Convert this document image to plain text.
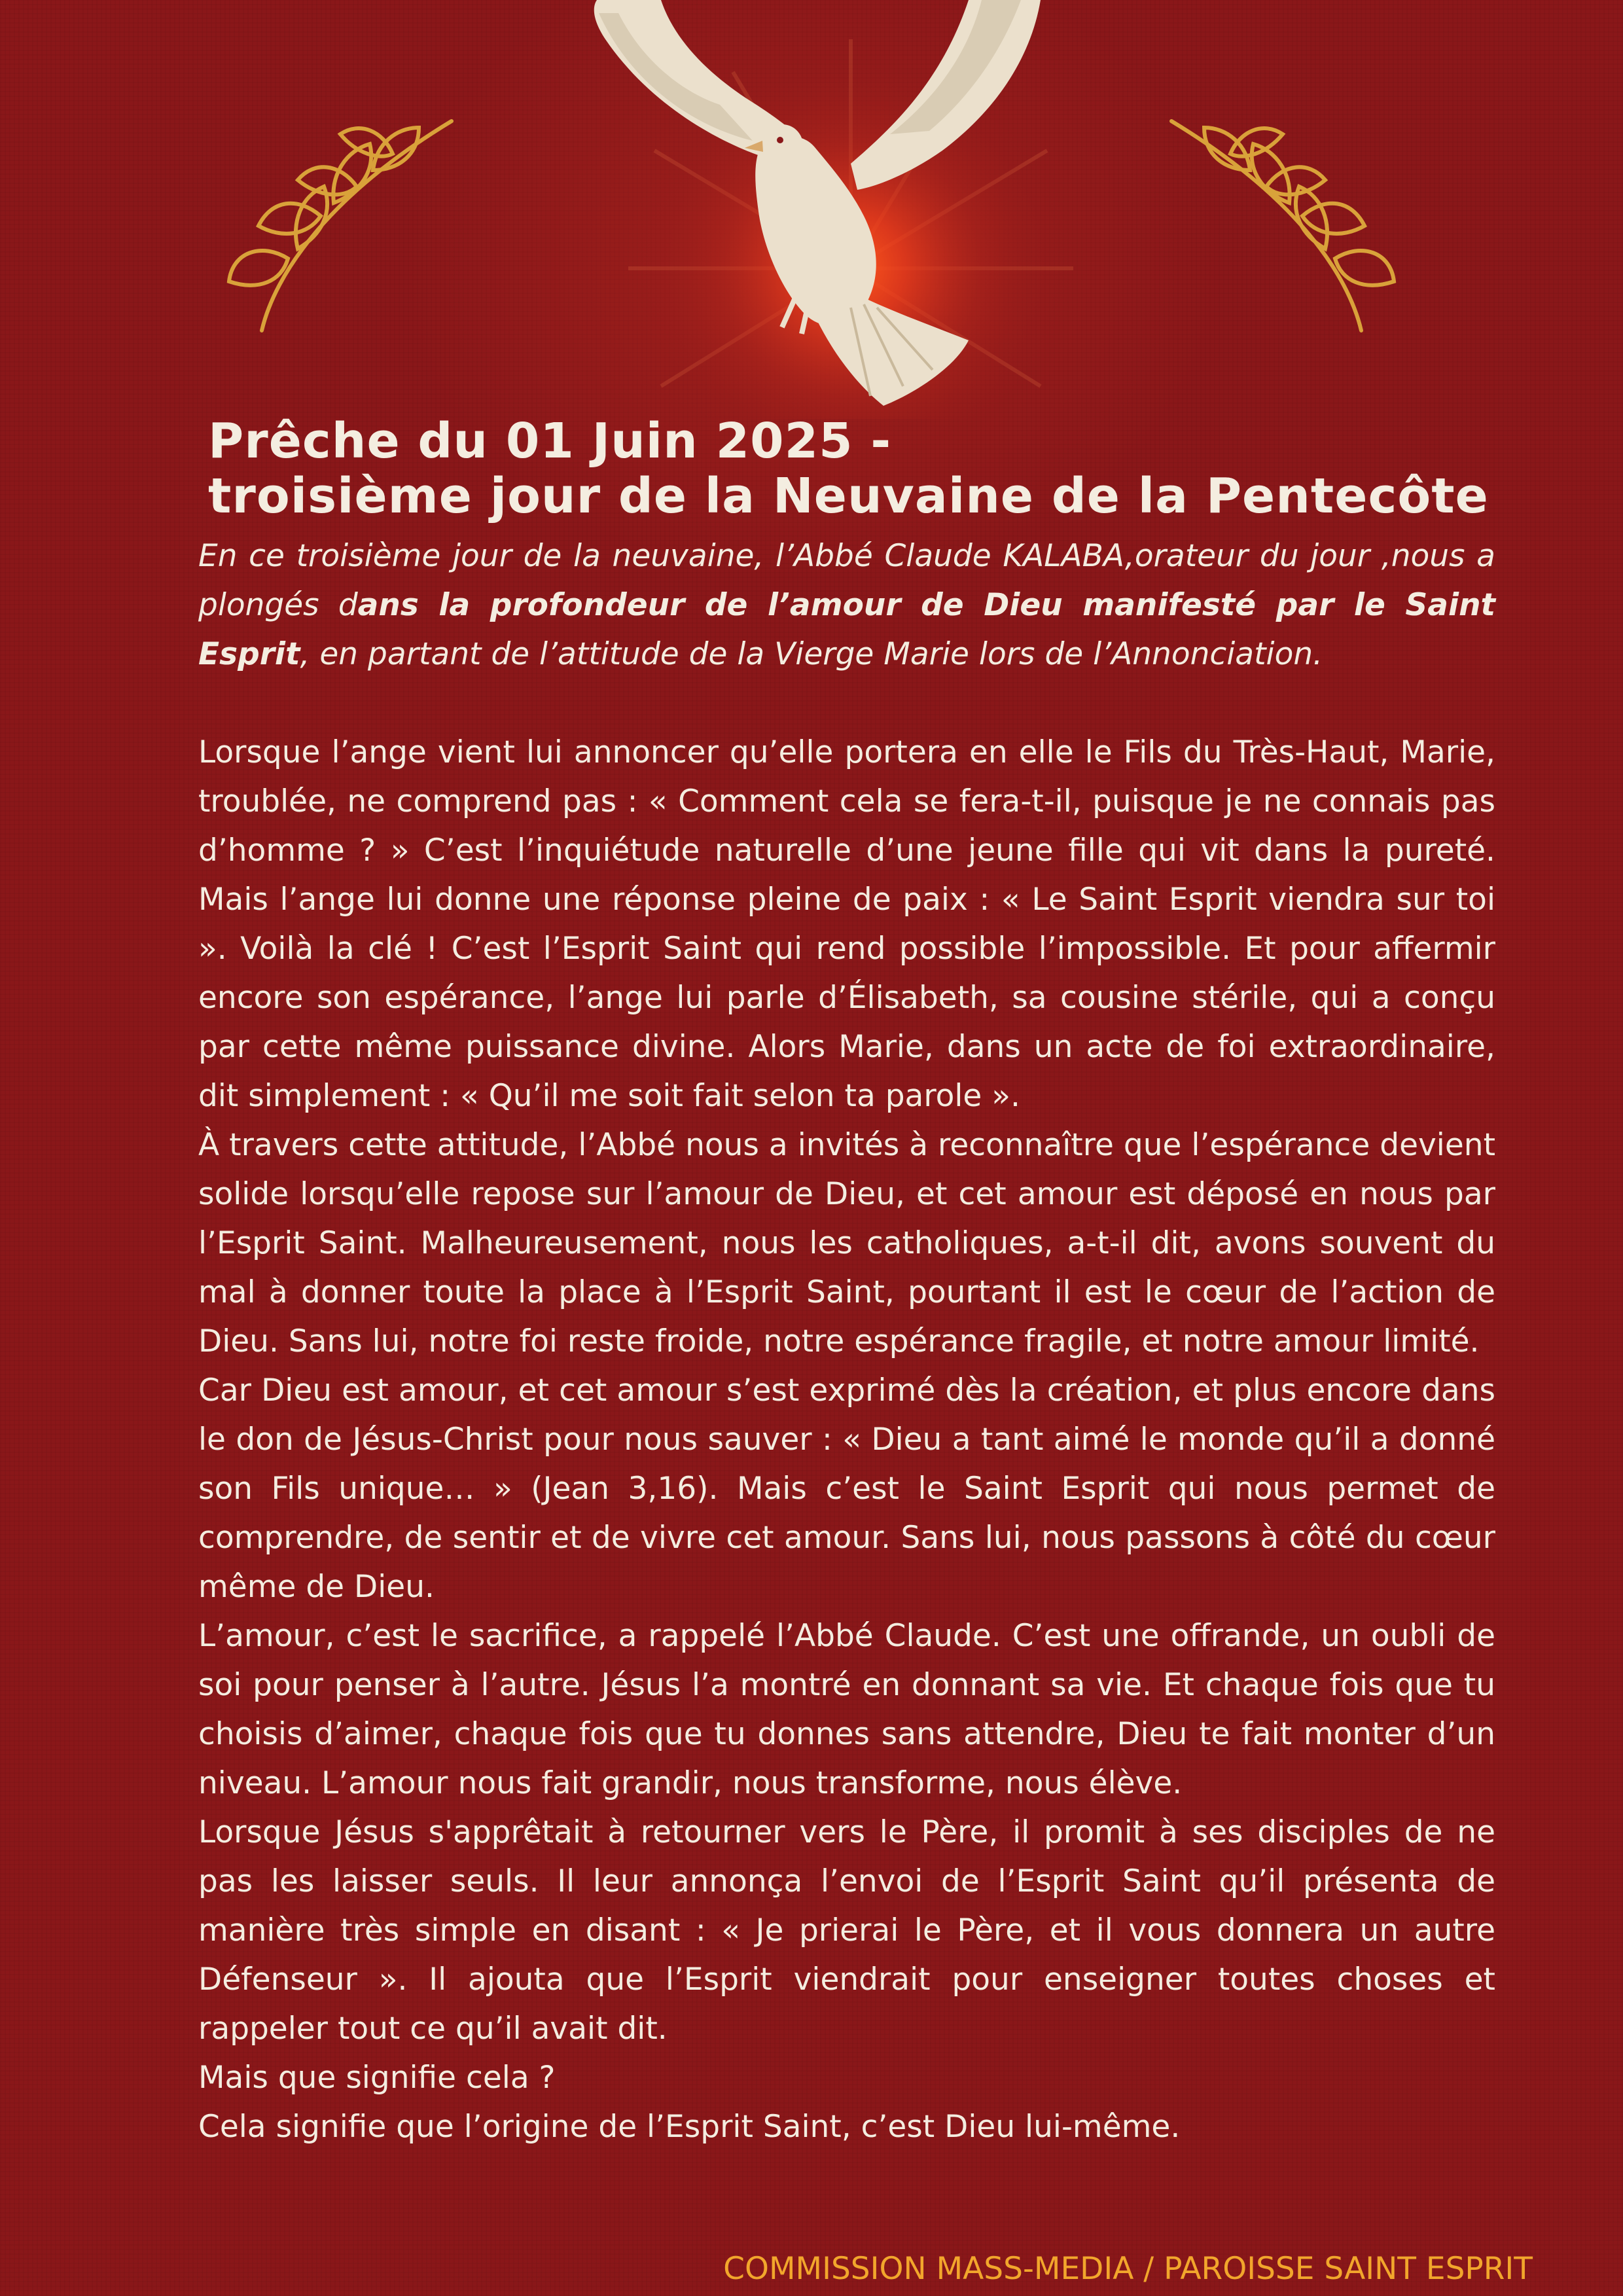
Prêche du 01 Juin 2025 -
troisième jour de la Neuvaine de la Pentecôte

En ce troisième jour de la neuvaine, l’Abbé Claude KALABA,orateur du jour ,nous a plongés dans la profondeur de l’amour de Dieu manifesté par le Saint Esprit, en partant de l’attitude de la Vierge Marie lors de l’Annonciation.

Lorsque l’ange vient lui annoncer qu’elle portera en elle le Fils du Très-Haut, Marie, troublée, ne comprend pas : « Comment cela se fera-t-il, puisque je ne connais pas d’homme ? » C’est l’inquiétude naturelle d’une jeune fille qui vit dans la pureté. Mais l’ange lui donne une réponse pleine de paix : « Le Saint Esprit viendra sur toi ». Voilà la clé ! C’est l’Esprit Saint qui rend possible l’impossible. Et pour affermir encore son espérance, l’ange lui parle d’Élisabeth, sa cousine stérile, qui a conçu par cette même puissance divine. Alors Marie, dans un acte de foi extraordinaire, dit simplement : « Qu’il me soit fait selon ta parole ».

À travers cette attitude, l’Abbé nous a invités à reconnaître que l’espérance devient solide lorsqu’elle repose sur l’amour de Dieu, et cet amour est déposé en nous par l’Esprit Saint. Malheureusement, nous les catholiques, a-t-il dit, avons souvent du mal à donner toute la place à l’Esprit Saint, pourtant il est le cœur de l’action de Dieu. Sans lui, notre foi reste froide, notre espérance fragile, et notre amour limité.

Car Dieu est amour, et cet amour s’est exprimé dès la création, et plus encore dans le don de Jésus-Christ pour nous sauver : « Dieu a tant aimé le monde qu’il a donné son Fils unique… » (Jean 3,16). Mais c’est le Saint Esprit qui nous permet de comprendre, de sentir et de vivre cet amour. Sans lui, nous passons à côté du cœur même de Dieu.

L’amour, c’est le sacrifice, a rappelé l’Abbé Claude. C’est une offrande, un oubli de soi pour penser à l’autre. Jésus l’a montré en donnant sa vie. Et chaque fois que tu choisis d’aimer, chaque fois que tu donnes sans attendre, Dieu te fait monter d’un niveau. L’amour nous fait grandir, nous transforme, nous élève.

Lorsque Jésus s'apprêtait à retourner vers le Père, il promit à ses disciples de ne pas les laisser seuls. Il leur annonça l’envoi de l’Esprit Saint qu’il présenta de manière très simple en disant : « Je prierai le Père, et il vous donnera un autre Défenseur ». Il ajouta que l’Esprit viendrait pour enseigner toutes choses et rappeler tout ce qu’il avait dit.

Mais que signifie cela ?

Cela signifie que l’origine de l’Esprit Saint, c’est Dieu lui-même.

COMMISSION MASS-MEDIA / PAROISSE SAINT ESPRIT
